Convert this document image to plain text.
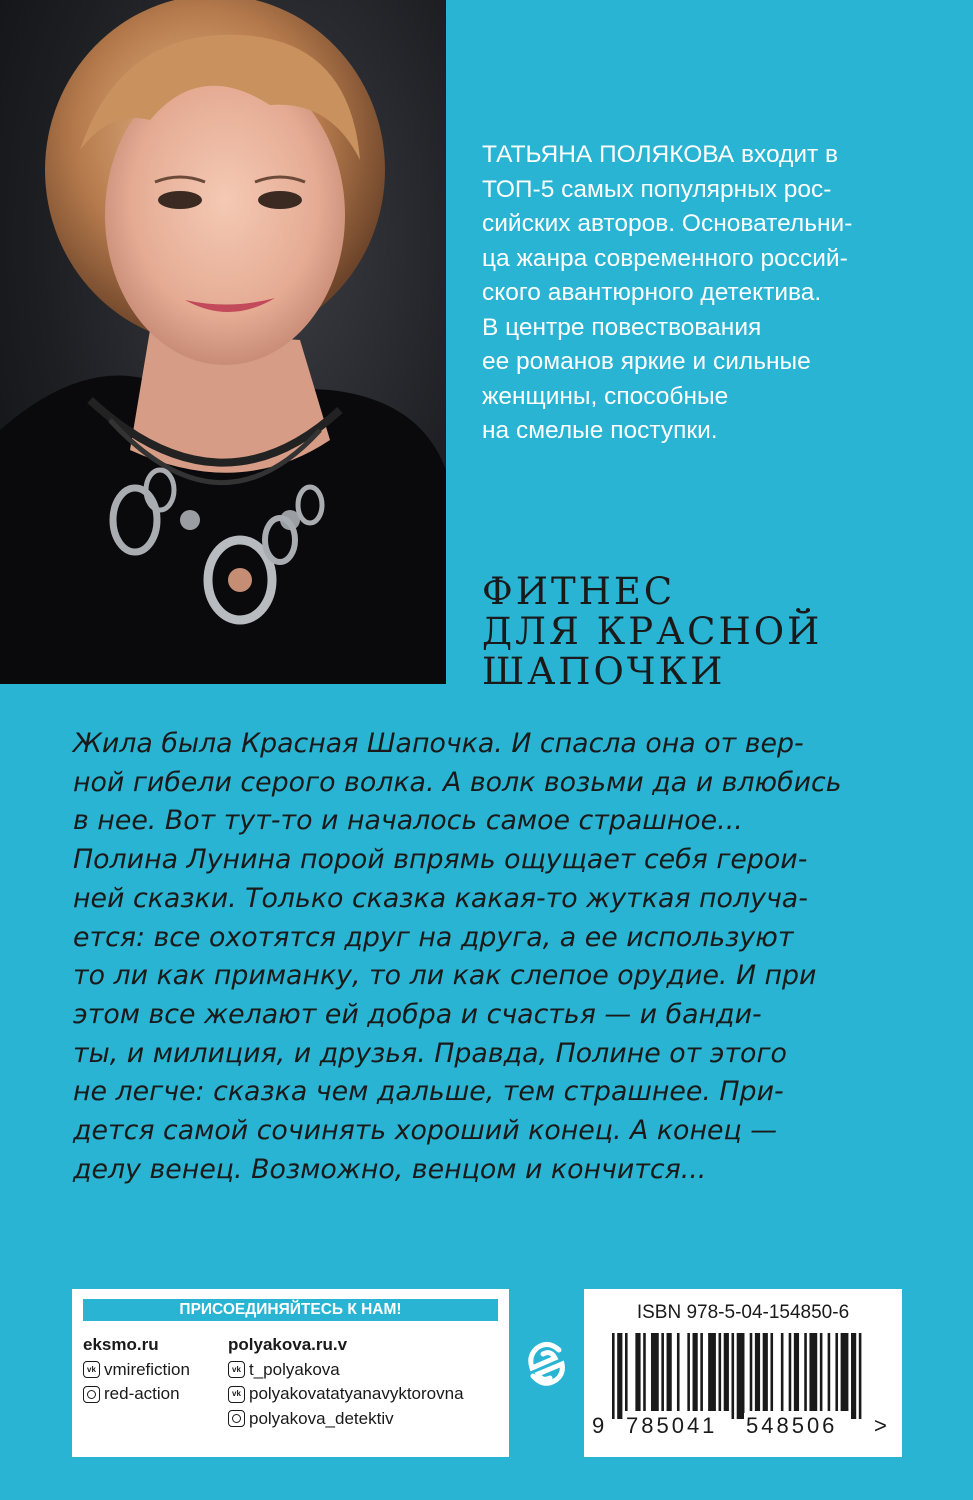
ТАТЬЯНА ПОЛЯКОВА входит в
ТОП-5 самых популярных рос-
сийских авторов. Основательни-
ца жанра современного россий-
ского авантюрного детектива.
В центре повествования
ее романов яркие и сильные
женщины, способные
на смелые поступки.
ФИТНЕС
ДЛЯ КРАСНОЙ
ШАПОЧКИ
Жила была Красная Шапочка. И спасла она от вер-
ной гибели серого волка. А волк возьми да и влюбись
в нее. Вот тут-то и началось самое страшное...
Полина Лунина порой впрямь ощущает себя герои-
ней сказки. Только сказка какая-то жуткая получа-
ется: все охотятся друг на друга, а ее используют
то ли как приманку, то ли как слепое орудие. И при
этом все желают ей добра и счастья — и банди-
ты, и милиция, и друзья. Правда, Полине от этого
не легче: сказка чем дальше, тем страшнее. При-
дется самой сочинять хороший конец. А конец —
делу венец. Возможно, венцом и кончится...
ПРИСОЕДИНЯЙТЕСЬ К НАМ!
eksmo.ru
vk vmirefiction
red-action
polyakova.ru.v
vk t_polyakova
vk polyakovatatyanavyktorovna
polyakova_detektiv
ISBN 978-5-04-154850-6
9 785041 548506 >
